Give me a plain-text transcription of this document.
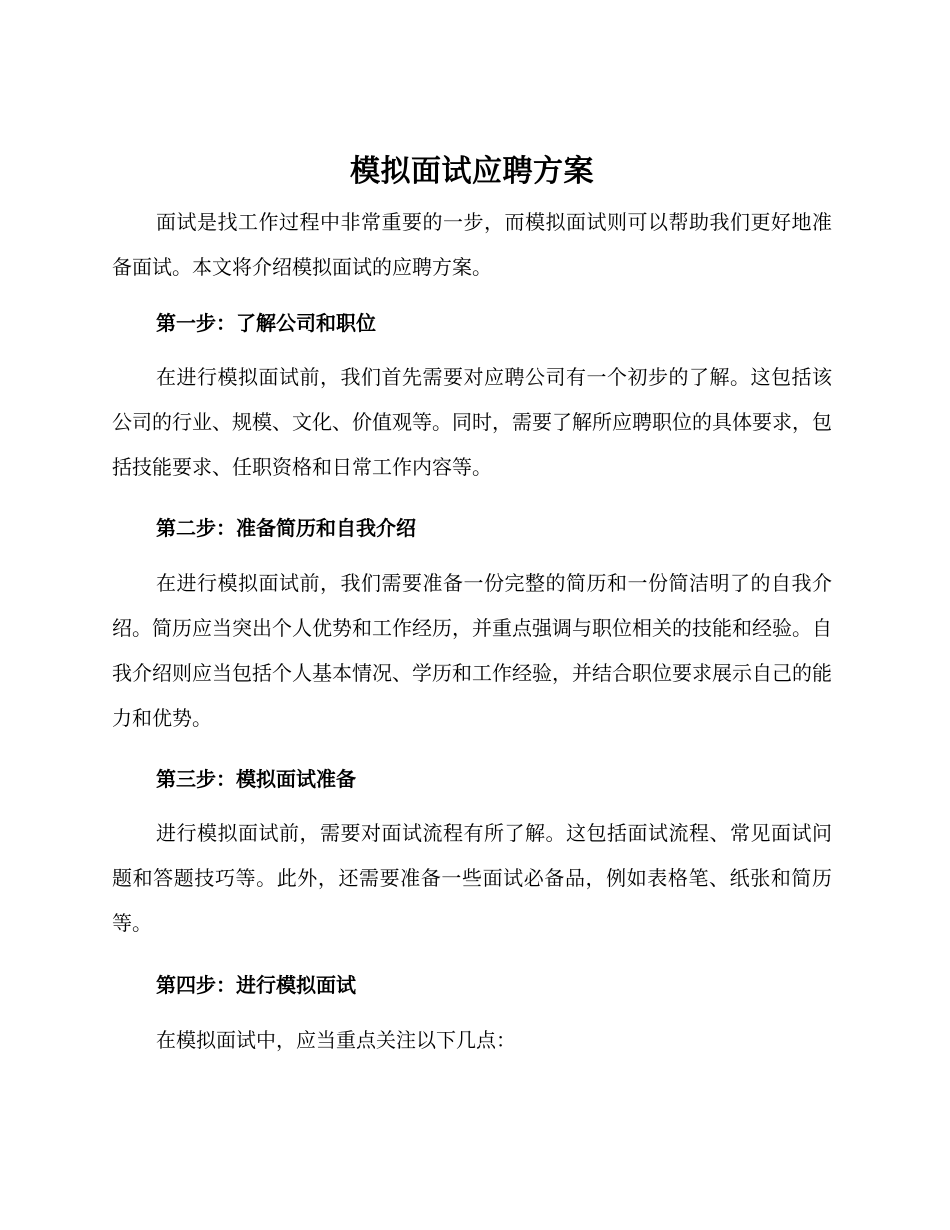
模拟面试应聘方案

面试是找工作过程中非常重要的一步，而模拟面试则可以帮助我们更好地准备面试。本文将介绍模拟面试的应聘方案。

第一步：了解公司和职位

在进行模拟面试前，我们首先需要对应聘公司有一个初步的了解。这包括该公司的行业、规模、文化、价值观等。同时，需要了解所应聘职位的具体要求，包括技能要求、任职资格和日常工作内容等。

第二步：准备简历和自我介绍

在进行模拟面试前，我们需要准备一份完整的简历和一份简洁明了的自我介绍。简历应当突出个人优势和工作经历，并重点强调与职位相关的技能和经验。自我介绍则应当包括个人基本情况、学历和工作经验，并结合职位要求展示自己的能力和优势。

第三步：模拟面试准备

进行模拟面试前，需要对面试流程有所了解。这包括面试流程、常见面试问题和答题技巧等。此外，还需要准备一些面试必备品，例如表格笔、纸张和简历等。

第四步：进行模拟面试

在模拟面试中，应当重点关注以下几点：
